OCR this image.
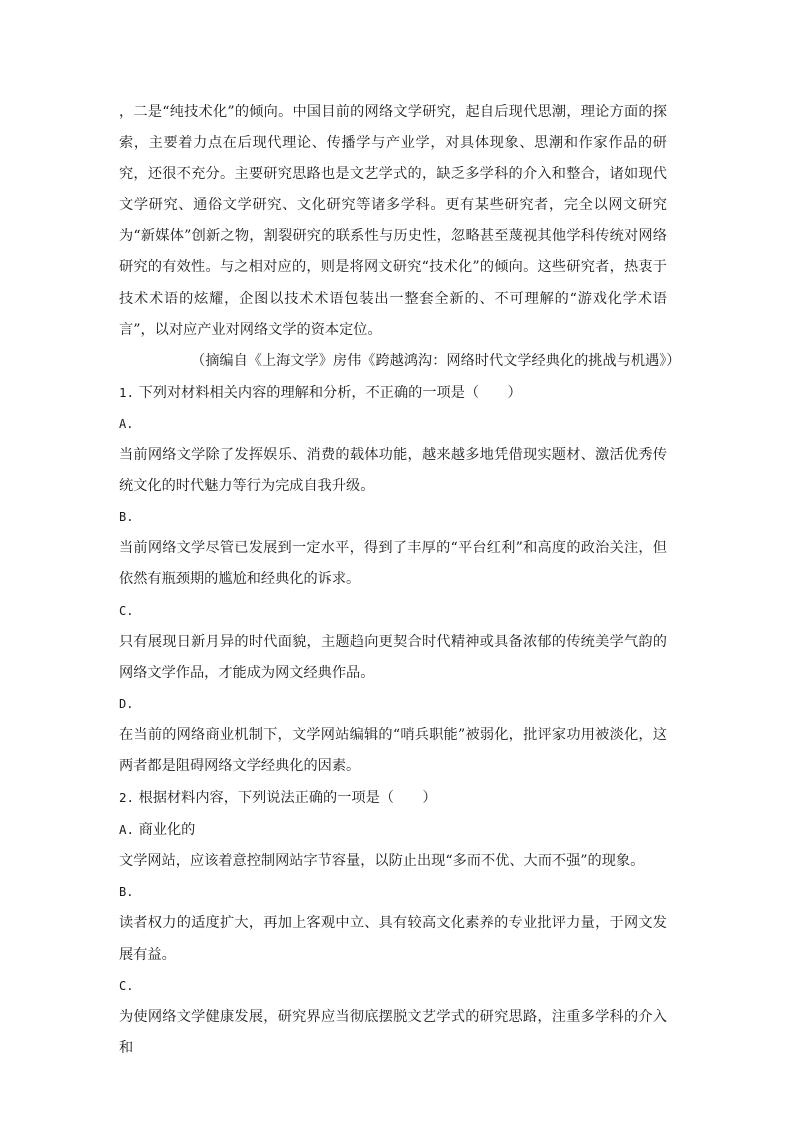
，二是“纯技术化”的倾向。中国目前的网络文学研究，起自后现代思潮，理论方面的探索，主要着力点在后现代理论、传播学与产业学，对具体现象、思潮和作家作品的研究，还很不充分。主要研究思路也是文艺学式的，缺乏多学科的介入和整合，诸如现代文学研究、通俗文学研究、文化研究等诸多学科。更有某些研究者，完全以网文研究为“新媒体”创新之物，割裂研究的联系性与历史性，忽略甚至蔑视其他学科传统对网络研究的有效性。与之相对应的，则是将网文研究“技术化”的倾向。这些研究者，热衷于技术术语的炫耀，企图以技术术语包装出一整套全新的、不可理解的“游戏化学术语言”，以对应产业对网络文学的资本定位。

（摘编自《上海文学》房伟《跨越鸿沟：网络时代文学经典化的挑战与机遇》）

1. 下列对材料相关内容的理解和分析，不正确的一项是（　　）

A.

当前网络文学除了发挥娱乐、消费的载体功能，越来越多地凭借现实题材、激活优秀传统文化的时代魅力等行为完成自我升级。

B.

当前网络文学尽管已发展到一定水平，得到了丰厚的“平台红利”和高度的政治关注，但依然有瓶颈期的尴尬和经典化的诉求。

C.

只有展现日新月异的时代面貌，主题趋向更契合时代精神或具备浓郁的传统美学气韵的网络文学作品，才能成为网文经典作品。

D.

在当前的网络商业机制下，文学网站编辑的“哨兵职能”被弱化，批评家功用被淡化，这两者都是阻碍网络文学经典化的因素。

2. 根据材料内容，下列说法正确的一项是（　　）

A. 商业化的

文学网站，应该着意控制网站字节容量，以防止出现“多而不优、大而不强”的现象。

B.

读者权力的适度扩大，再加上客观中立、具有较高文化素养的专业批评力量，于网文发展有益。

C.

为使网络文学健康发展，研究界应当彻底摆脱文艺学式的研究思路，注重多学科的介入和
